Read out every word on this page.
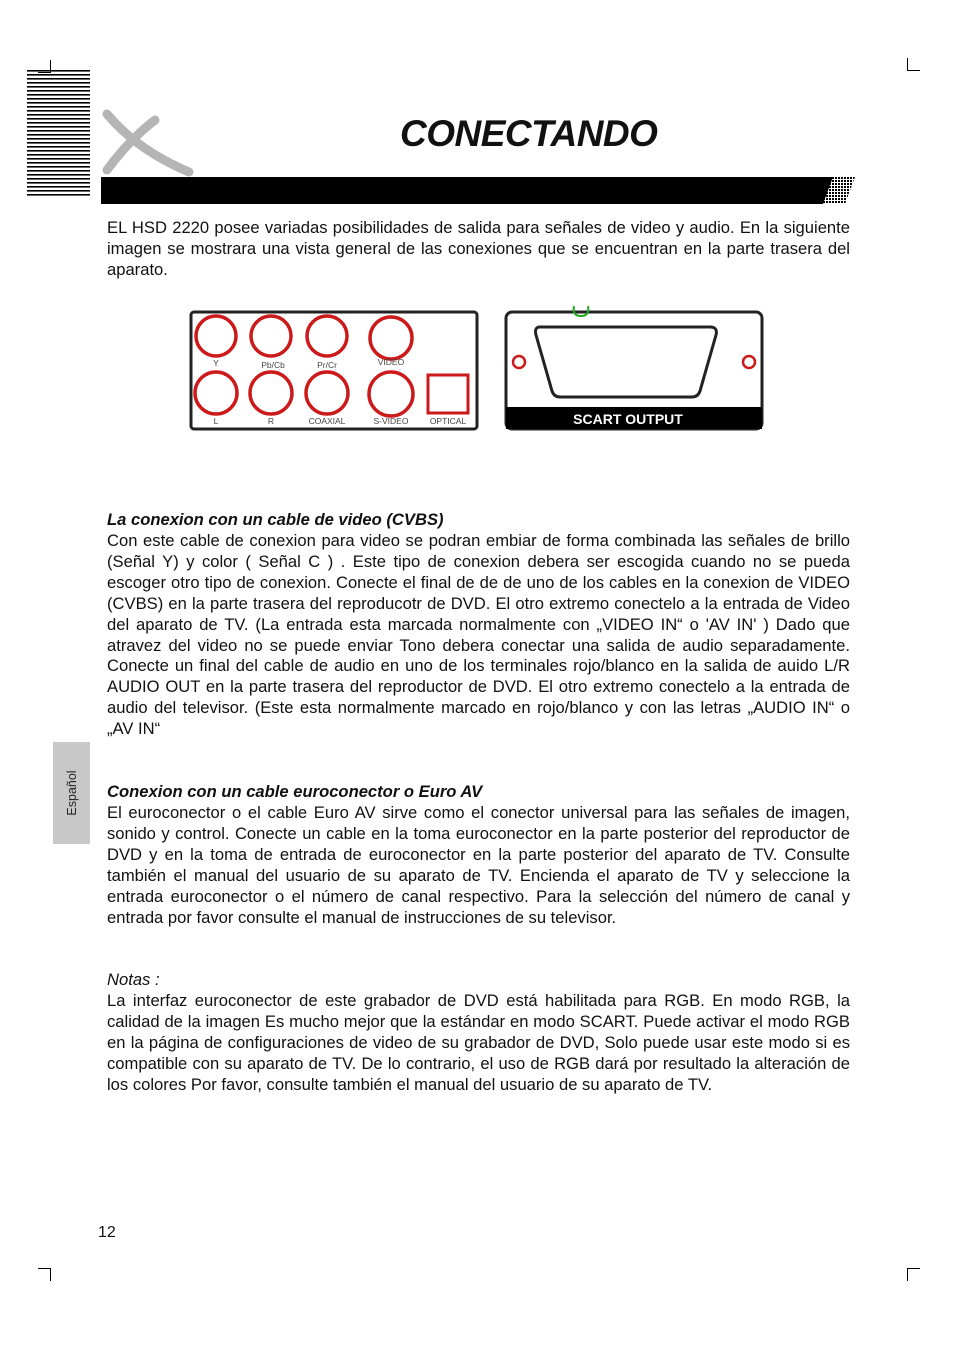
CONECTANDO

EL HSD 2220 posee variadas posibilidades de salida para señales de video y audio. En la siguiente imagen se mostrara una vista general de las conexiones que se encuentran en la parte trasera del aparato.

Y	Pb/Cb	Pr/Cr	VIDEO
L	R	COAXIAL	S-VIDEO	OPTICAL	SCART OUTPUT
La conexion con un cable de video (CVBS)

Con este cable de conexion para video se podran embiar de forma combinada las señales de brillo (Señal Y) y color ( Señal C ) . Este tipo de conexion debera ser escogida cuando no se pueda escoger otro tipo de conexion. Conecte el final de de de uno de los cables en la conexion de VIDEO (CVBS) en la parte trasera del reproducotr de DVD. El otro extremo conectelo a la entrada de Video del aparato de TV. (La entrada esta marcada normalmente con „VIDEO IN“ o 'AV IN' ) Dado que atravez del video no se puede enviar Tono debera conectar una salida de audio separadamente. Conecte un final del cable de audio en uno de los terminales rojo/blanco en la salida de auido L/R AUDIO OUT en la parte trasera del reproductor de DVD. El otro extremo conectelo a la entrada de audio del televisor. (Este esta normalmente marcado en rojo/blanco y con las letras „AUDIO IN“ o „AV IN“

Español Conexion con un cable euroconector o Euro AV

El euroconector o el cable Euro AV sirve como el conector universal para las señales de imagen, sonido y control. Conecte un cable en la toma euroconector en la parte posterior del reproductor de DVD y en la toma de entrada de euroconector en la parte posterior del aparato de TV. Consulte también el manual del usuario de su aparato de TV. Encienda el aparato de TV y seleccione la entrada euroconector o el número de canal respectivo. Para la selección del número de canal y entrada por favor consulte el manual de instrucciones de su televisor.

Notas :

La interfaz euroconector de este grabador de DVD está habilitada para RGB. En modo RGB, la calidad de la imagen Es mucho mejor que la estándar en modo SCART. Puede activar el modo RGB en la página de configuraciones de video de su grabador de DVD, Solo puede usar este modo si es compatible con su aparato de TV. De lo contrario, el uso de RGB dará por resultado la alteración de los colores Por favor, consulte también el manual del usuario de su aparato de TV.

12
